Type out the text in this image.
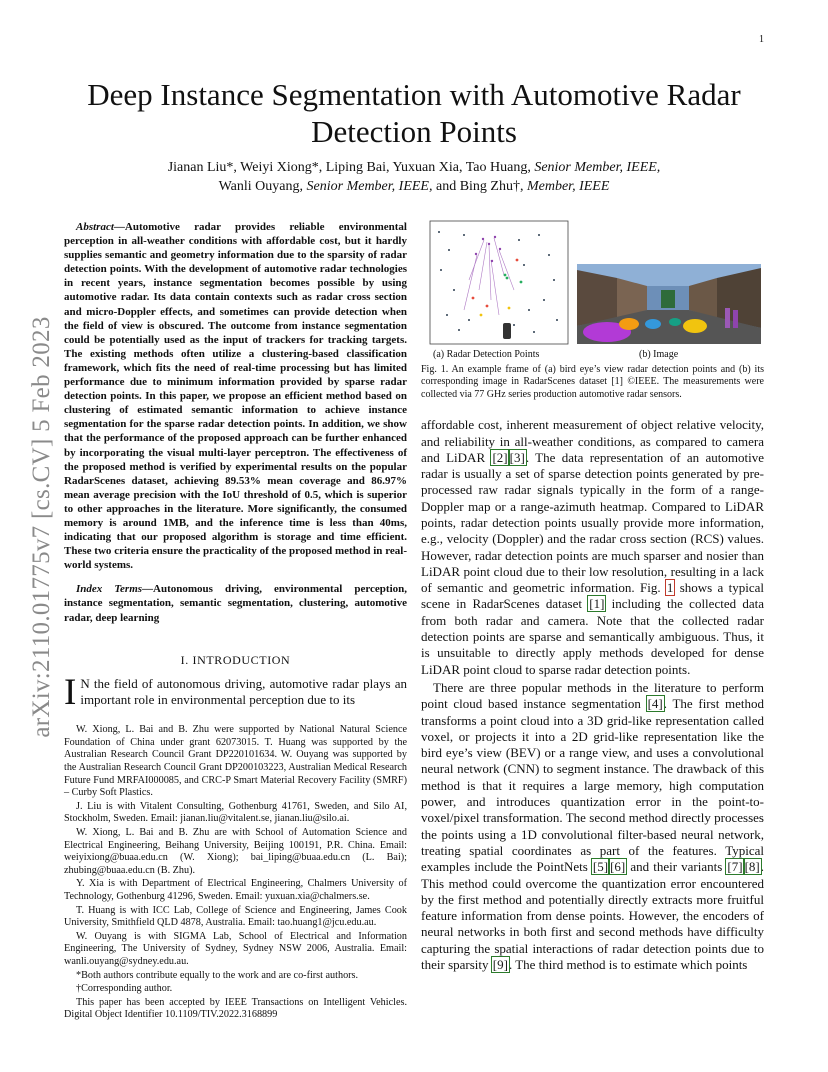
1
arXiv:2110.01775v7 [cs.CV] 5 Feb 2023
Deep Instance Segmentation with Automotive Radar Detection Points
Jianan Liu*, Weiyi Xiong*, Liping Bai, Yuxuan Xia, Tao Huang, Senior Member, IEEE,
Wanli Ouyang, Senior Member, IEEE, and Bing Zhu†, Member, IEEE

Abstract—Automotive radar provides reliable environmental perception in all-weather conditions with affordable cost, but it hardly supplies semantic and geometry information due to the sparsity of radar detection points. With the development of automotive radar technologies in recent years, instance segmentation becomes possible by using automotive radar. Its data contain contexts such as radar cross section and micro-Doppler effects, and sometimes can provide detection when the field of view is obscured. The outcome from instance segmentation could be potentially used as the input of trackers for tracking targets. The existing methods often utilize a clustering-based classification framework, which fits the need of real-time processing but has limited performance due to minimum information provided by sparse radar detection points. In this paper, we propose an efficient method based on clustering of estimated semantic information to achieve instance segmentation for the sparse radar detection points. In addition, we show that the performance of the proposed approach can be further enhanced by incorporating the visual multi-layer perceptron. The effectiveness of the proposed method is verified by experimental results on the popular RadarScenes dataset, achieving 89.53% mean coverage and 86.97% mean average precision with the IoU threshold of 0.5, which is superior to other approaches in the literature. More significantly, the consumed memory is around 1MB, and the inference time is less than 40ms, indicating that our proposed algorithm is storage and time efficient. These two criteria ensure the practicality of the proposed method in real-world systems.

Index Terms—Autonomous driving, environmental perception, instance segmentation, semantic segmentation, clustering, automotive radar, deep learning

I. INTRODUCTION

I N the field of autonomous driving, automotive radar plays an important role in environmental perception due to its

W. Xiong, L. Bai and B. Zhu were supported by National Natural Science Foundation of China under grant 62073015. T. Huang was supported by the Australian Research Council Grant DP220101634. W. Ouyang was supported by the Australian Research Council Grant DP200103223, Australian Medical Research Future Fund MRFAI000085, and CRC-P Smart Material Recovery Facility (SMRF) – Curby Soft Plastics.

J. Liu is with Vitalent Consulting, Gothenburg 41761, Sweden, and Silo AI, Stockholm, Sweden. Email: jianan.liu@vitalent.se, jianan.liu@silo.ai.

W. Xiong, L. Bai and B. Zhu are with School of Automation Science and Electrical Engineering, Beihang University, Beijing 100191, P.R. China. Email: weiyixiong@buaa.edu.cn (W. Xiong); bai_liping@buaa.edu.cn (L. Bai); zhubing@buaa.edu.cn (B. Zhu).

Y. Xia is with Department of Electrical Engineering, Chalmers University of Technology, Gothenburg 41296, Sweden. Email: yuxuan.xia@chalmers.se.

T. Huang is with ICC Lab, College of Science and Engineering, James Cook University, Smithfield QLD 4878, Australia. Email: tao.huang1@jcu.edu.au.

W. Ouyang is with SIGMA Lab, School of Electrical and Information Engineering, The University of Sydney, Sydney NSW 2006, Australia. Email: wanli.ouyang@sydney.edu.au.

*Both authors contribute equally to the work and are co-first authors.

†Corresponding author.

This paper has been accepted by IEEE Transactions on Intelligent Vehicles. Digital Object Identifier 10.1109/TIV.2022.3168899

(a) Radar Detection Points	(b) Image

Fig. 1. An example frame of (a) bird eye’s view radar detection points and (b) its corresponding image in RadarScenes dataset [1] ©IEEE. The measurements were collected via 77 GHz series production automotive radar sensors.

affordable cost, inherent measurement of object relative velocity, and reliability in all-weather conditions, as compared to camera and LiDAR [2] [3]. The data representation of an automotive radar is usually a set of sparse detection points generated by pre-processed raw radar signals typically in the form of a range-Doppler map or a range-azimuth heatmap. Compared to LiDAR points, radar detection points usually provide more information, e.g., velocity (Doppler) and the radar cross section (RCS) values. However, radar detection points are much sparser and nosier than LiDAR point cloud due to their low resolution, resulting in a lack of semantic and geometric information. Fig. 1 shows a typical scene in RadarScenes dataset [1] including the collected data from both radar and camera. Note that the collected radar detection points are sparse and semantically ambiguous. Thus, it is unsuitable to directly apply methods developed for dense LiDAR point cloud to sparse radar detection points.

There are three popular methods in the literature to perform point cloud based instance segmentation [4]. The first method transforms a point cloud into a 3D grid-like representation called voxel, or projects it into a 2D grid-like representation like the bird eye’s view (BEV) or a range view, and uses a convolutional neural network (CNN) to segment instance. The drawback of this method is that it requires a large memory, high computation power, and introduces quantization error in the point-to-voxel/pixel transformation. The second method directly processes the points using a 1D convolutional filter-based neural network, treating spatial coordinates as part of the features. Typical examples include the PointNets [5] [6] and their variants [7] [8]. This method could overcome the quantization error encountered by the first method and potentially directly extracts more fruitful feature information from dense points. However, the encoders of neural networks in both first and second methods have difficulty capturing the spatial interactions of radar detection points due to their sparsity [9]. The third method is to estimate which points
